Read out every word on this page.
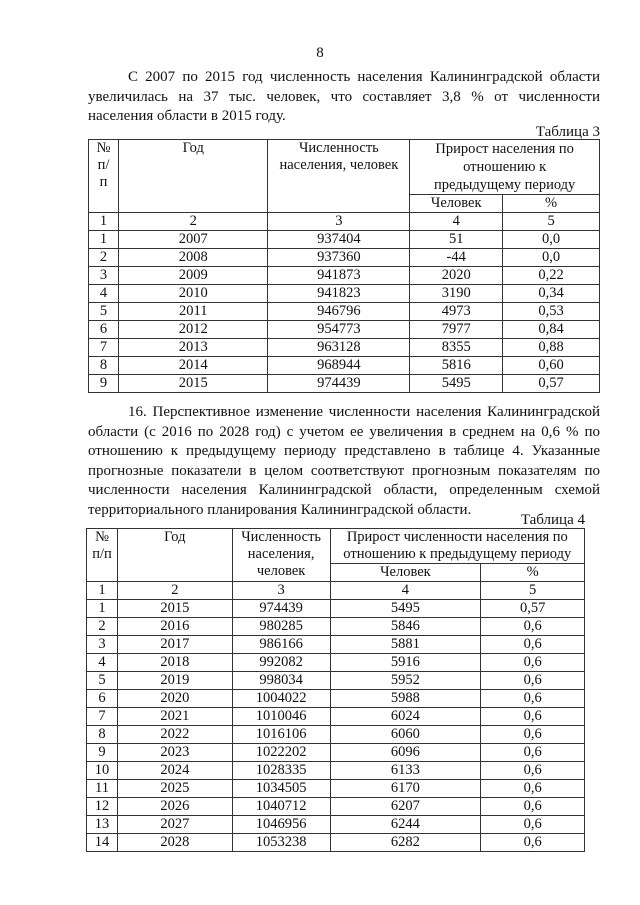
8
С 2007 по 2015 год численность населения Калининградской области увеличилась на 37 тыс. человек, что составляет 3,8 % от численности населения области в 2015 году.
Таблица 3
№ п/п	Год	Численность населения, человек	Прирост населения по отношению к предыдущему периоду	
			Человек	%
1	2	3	4	5
1	2007	937404	51	0,0
2	2008	937360	-44	0,0
3	2009	941873	2020	0,22
4	2010	941823	3190	0,34
5	2011	946796	4973	0,53
6	2012	954773	7977	0,84
7	2013	963128	8355	0,88
8	2014	968944	5816	0,60
9	2015	974439	5495	0,57
16. Перспективное изменение численности населения Калининградской области (с 2016 по 2028 год) с учетом ее увеличения в среднем на 0,6 % по отношению к предыдущему периоду представлено в таблице 4. Указанные прогнозные показатели в целом соответствуют прогнозным показателям по численности населения Калининградской области, определенным схемой территориального планирования Калининградской области.
Таблица 4
№ п/п	Год	Численность населения, человек	Прирост численности населения по отношению к предыдущему периоду	
			Человек	%
1	2	3	4	5
1	2015	974439	5495	0,57
2	2016	980285	5846	0,6
3	2017	986166	5881	0,6
4	2018	992082	5916	0,6
5	2019	998034	5952	0,6
6	2020	1004022	5988	0,6
7	2021	1010046	6024	0,6
8	2022	1016106	6060	0,6
9	2023	1022202	6096	0,6
10	2024	1028335	6133	0,6
11	2025	1034505	6170	0,6
12	2026	1040712	6207	0,6
13	2027	1046956	6244	0,6
14	2028	1053238	6282	0,6
